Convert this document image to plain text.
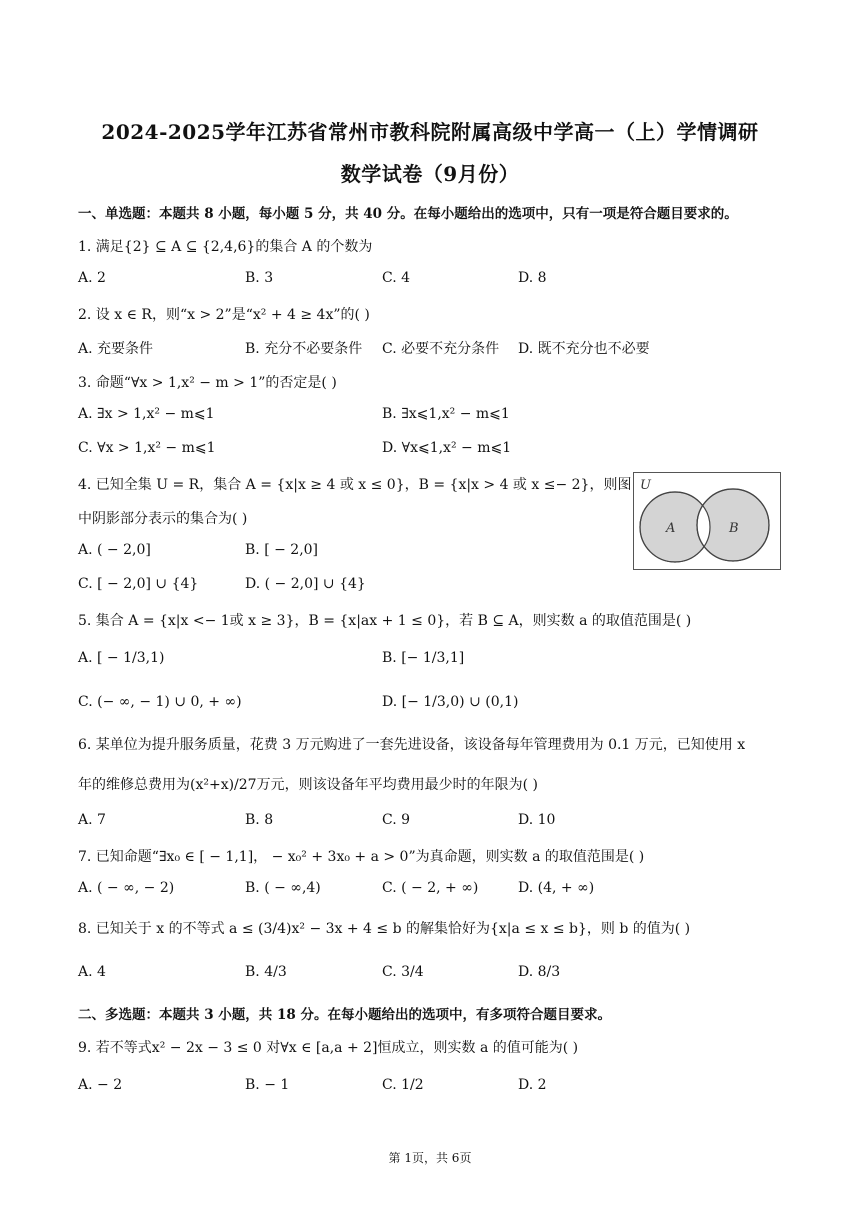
2024-2025学年江苏省常州市教科院附属高级中学高一（上）学情调研
数学试卷（9月份）
一、单选题：本题共 8 小题，每小题 5 分，共 40 分。在每小题给出的选项中，只有一项是符合题目要求的。
1. 满足{2} ⊆ A ⊆ {2,4,6}的集合 A 的个数为
A. 2	B. 3	C. 4	D. 8
2. 设 x ∈ R，则“x > 2”是“x² + 4 ≥ 4x”的( )
A. 充要条件	B. 充分不必要条件 C. 必要不充分条件 D. 既不充分也不必要
3. 命题“∀x > 1,x² − m > 1”的否定是( )
A. ∃x > 1,x² − m⩽1	B. ∃x⩽1,x² − m⩽1
C. ∀x > 1,x² − m⩽1	D. ∀x⩽1,x² − m⩽1
4. 已知全集 U = R，集合 A = {x|x ≥ 4 或 x ≤ 0}，B = {x|x > 4 或 x ≤− 2}，则图
中阴影部分表示的集合为( )
A. ( − 2,0]	B. [ − 2,0]
C. [ − 2,0] ∪ {4}	D. ( − 2,0] ∪ {4}
U
A	B
5. 集合 A = {x|x <− 1或 x ≥ 3}，B = {x|ax + 1 ≤ 0}，若 B ⊆ A，则实数 a 的取值范围是( )
A. [ − 1/3,1)	B. [− 1/3,1]
C. (− ∞, − 1) ∪ 0, + ∞)	D. [− 1/3,0) ∪ (0,1)
6. 某单位为提升服务质量，花费 3 万元购进了一套先进设备，该设备每年管理费用为 0.1 万元，已知使用 x
年的维修总费用为(x²+x)/27万元，则该设备年平均费用最少时的年限为( )
A. 7	B. 8	C. 9	D. 10
7. 已知命题“∃x₀ ∈ [ − 1,1]， − x₀² + 3x₀ + a > 0”为真命题，则实数 a 的取值范围是( )
A. ( − ∞, − 2)	B. ( − ∞,4)	C. ( − 2, + ∞)	D. (4, + ∞)
8. 已知关于 x 的不等式 a ≤ (3/4)x² − 3x + 4 ≤ b 的解集恰好为{x|a ≤ x ≤ b}，则 b 的值为( )
A. 4	B. 4/3	C. 3/4	D. 8/3
二、多选题：本题共 3 小题，共 18 分。在每小题给出的选项中，有多项符合题目要求。
9. 若不等式x² − 2x − 3 ≤ 0 对∀x ∈ [a,a + 2]恒成立，则实数 a 的值可能为( )
A. − 2	B. − 1	C. 1/2	D. 2
第 1页，共 6页
